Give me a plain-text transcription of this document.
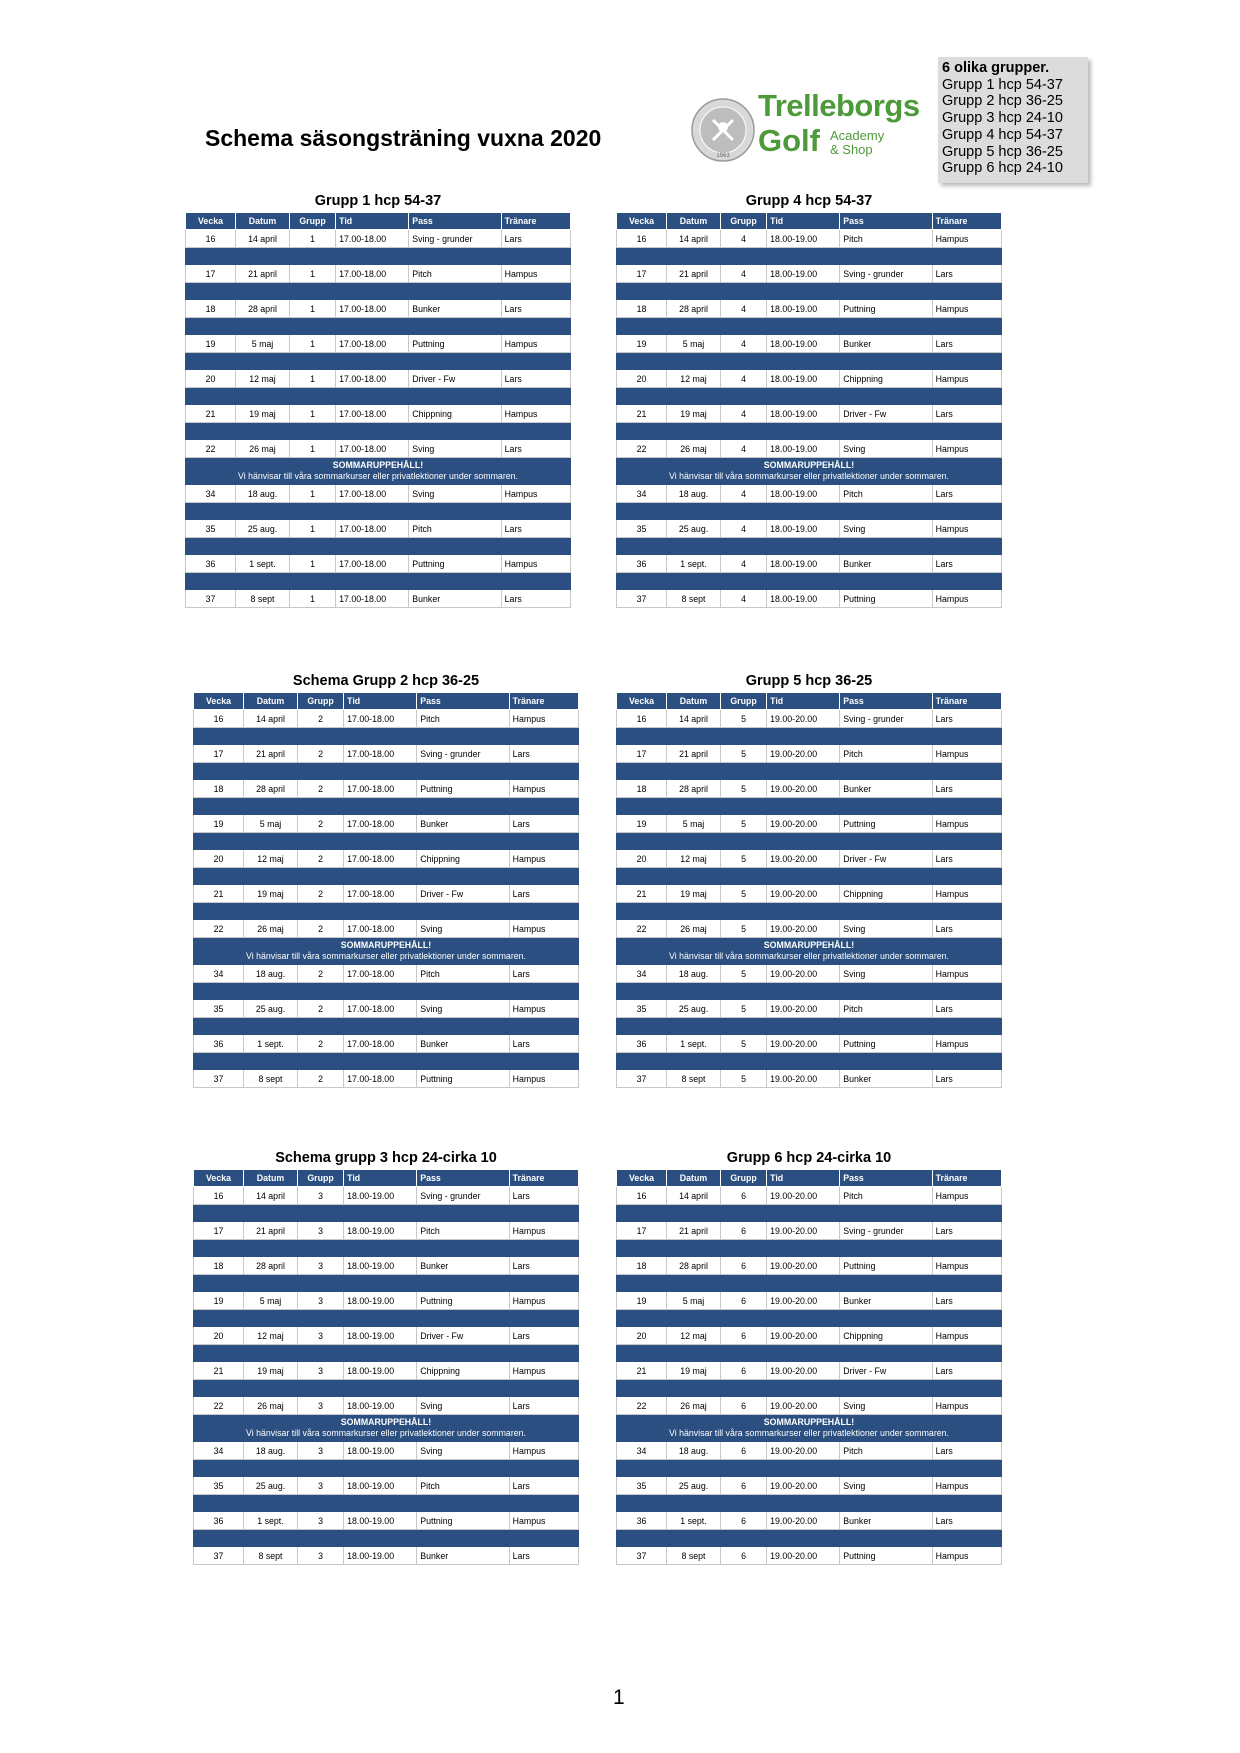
Schema säsongsträning vuxna 2020
1963
Trelleborgs
Golf Academy
& Shop
6 olika grupper.
Grupp 1 hcp 54-37
Grupp 2 hcp 36-25
Grupp 3 hcp 24-10
Grupp 4 hcp 54-37
Grupp 5 hcp 36-25
Grupp 6 hcp 24-10
Grupp 1 hcp 54-37
Vecka	Datum	Grupp	Tid	Pass	Tränare
16	14 april	1	17.00-18.00	Sving - grunder	Lars

17	21 april	1	17.00-18.00	Pitch	Hampus

18	28 april	1	17.00-18.00	Bunker	Lars

19	5 maj	1	17.00-18.00	Puttning	Hampus

20	12 maj	1	17.00-18.00	Driver - Fw	Lars

21	19 maj	1	17.00-18.00	Chippning	Hampus

22	26 maj	1	17.00-18.00	Sving	Lars

SOMMARUPPEHÅLL!
Vi hänvisar till våra sommarkurser eller privatlektioner under sommaren.					

34	18 aug.	1	17.00-18.00	Sving	Hampus

35	25 aug.	1	17.00-18.00	Pitch	Lars

36	1 sept.	1	17.00-18.00	Puttning	Hampus

37	8 sept	1	17.00-18.00	Bunker	Lars
Grupp 4 hcp 54-37
Vecka	Datum	Grupp	Tid	Pass	Tränare
16	14 april	4	18.00-19.00	Pitch	Hampus

17	21 april	4	18.00-19.00	Sving - grunder	Lars

18	28 april	4	18.00-19.00	Puttning	Hampus

19	5 maj	4	18.00-19.00	Bunker	Lars

20	12 maj	4	18.00-19.00	Chippning	Hampus

21	19 maj	4	18.00-19.00	Driver - Fw	Lars

22	26 maj	4	18.00-19.00	Sving	Hampus

SOMMARUPPEHÅLL!
Vi hänvisar till våra sommarkurser eller privatlektioner under sommaren.					

34	18 aug.	4	18.00-19.00	Pitch	Lars

35	25 aug.	4	18.00-19.00	Sving	Hampus

36	1 sept.	4	18.00-19.00	Bunker	Lars

37	8 sept	4	18.00-19.00	Puttning	Hampus
Schema Grupp 2 hcp 36-25
Vecka	Datum	Grupp	Tid	Pass	Tränare
16	14 april	2	17.00-18.00	Pitch	Hampus

17	21 april	2	17.00-18.00	Sving - grunder	Lars

18	28 april	2	17.00-18.00	Puttning	Hampus

19	5 maj	2	17.00-18.00	Bunker	Lars

20	12 maj	2	17.00-18.00	Chippning	Hampus

21	19 maj	2	17.00-18.00	Driver - Fw	Lars

22	26 maj	2	17.00-18.00	Sving	Hampus

SOMMARUPPEHÅLL!
Vi hänvisar till våra sommarkurser eller privatlektioner under sommaren.					

34	18 aug.	2	17.00-18.00	Pitch	Lars

35	25 aug.	2	17.00-18.00	Sving	Hampus

36	1 sept.	2	17.00-18.00	Bunker	Lars

37	8 sept	2	17.00-18.00	Puttning	Hampus
Grupp 5 hcp 36-25
Vecka	Datum	Grupp	Tid	Pass	Tränare
16	14 april	5	19.00-20.00	Sving - grunder	Lars

17	21 april	5	19.00-20.00	Pitch	Hampus

18	28 april	5	19.00-20.00	Bunker	Lars

19	5 maj	5	19.00-20.00	Puttning	Hampus

20	12 maj	5	19.00-20.00	Driver - Fw	Lars

21	19 maj	5	19.00-20.00	Chippning	Hampus

22	26 maj	5	19.00-20.00	Sving	Lars

SOMMARUPPEHÅLL!
Vi hänvisar till våra sommarkurser eller privatlektioner under sommaren.					

34	18 aug.	5	19.00-20.00	Sving	Hampus

35	25 aug.	5	19.00-20.00	Pitch	Lars

36	1 sept.	5	19.00-20.00	Puttning	Hampus

37	8 sept	5	19.00-20.00	Bunker	Lars
Schema grupp 3 hcp 24-cirka 10
Vecka	Datum	Grupp	Tid	Pass	Tränare
16	14 april	3	18.00-19.00	Sving - grunder	Lars

17	21 april	3	18.00-19.00	Pitch	Hampus

18	28 april	3	18.00-19.00	Bunker	Lars

19	5 maj	3	18.00-19.00	Puttning	Hampus

20	12 maj	3	18.00-19.00	Driver - Fw	Lars

21	19 maj	3	18.00-19.00	Chippning	Hampus

22	26 maj	3	18.00-19.00	Sving	Lars

SOMMARUPPEHÅLL!
Vi hänvisar till våra sommarkurser eller privatlektioner under sommaren.					

34	18 aug.	3	18.00-19.00	Sving	Hampus

35	25 aug.	3	18.00-19.00	Pitch	Lars

36	1 sept.	3	18.00-19.00	Puttning	Hampus

37	8 sept	3	18.00-19.00	Bunker	Lars
Grupp 6 hcp 24-cirka 10
Vecka	Datum	Grupp	Tid	Pass	Tränare
16	14 april	6	19.00-20.00	Pitch	Hampus

17	21 april	6	19.00-20.00	Sving - grunder	Lars

18	28 april	6	19.00-20.00	Puttning	Hampus

19	5 maj	6	19.00-20.00	Bunker	Lars

20	12 maj	6	19.00-20.00	Chippning	Hampus

21	19 maj	6	19.00-20.00	Driver - Fw	Lars

22	26 maj	6	19.00-20.00	Sving	Hampus

SOMMARUPPEHÅLL!
Vi hänvisar till våra sommarkurser eller privatlektioner under sommaren.					

34	18 aug.	6	19.00-20.00	Pitch	Lars

35	25 aug.	6	19.00-20.00	Sving	Hampus

36	1 sept.	6	19.00-20.00	Bunker	Lars

37	8 sept	6	19.00-20.00	Puttning	Hampus
1
